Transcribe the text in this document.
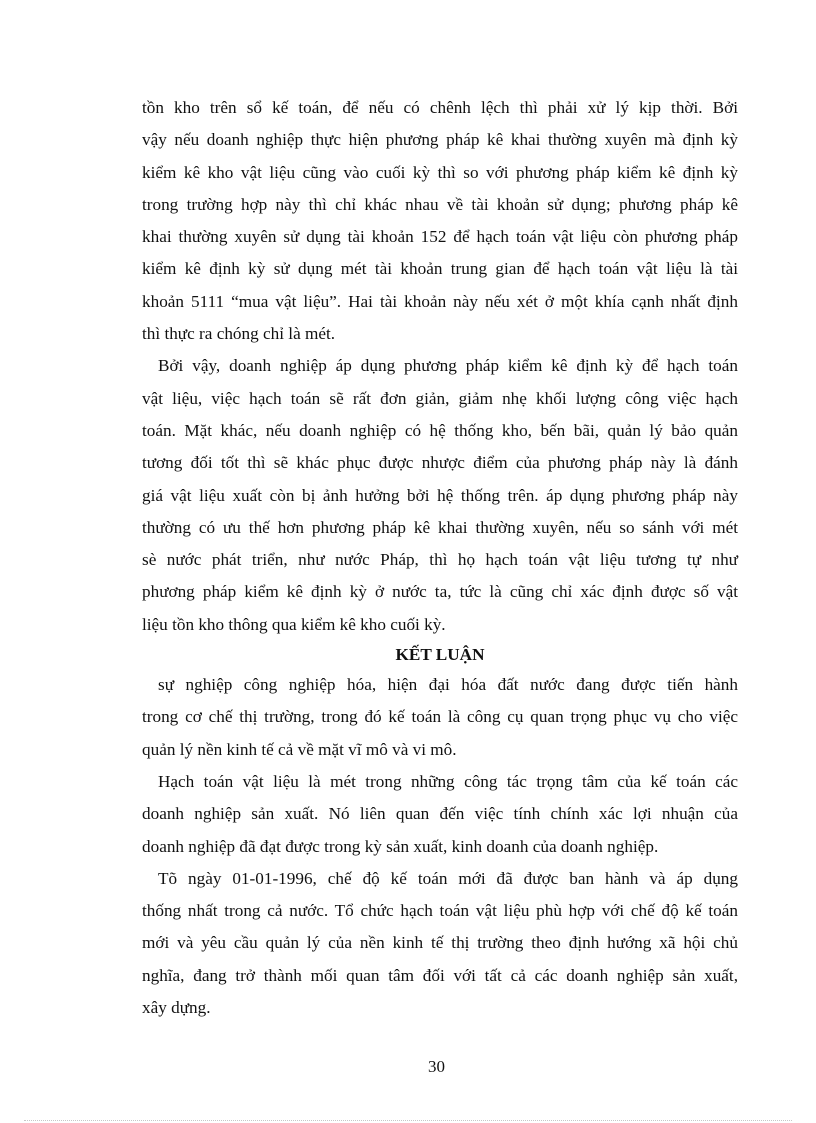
tồn kho trên sổ kế toán, để nếu có chênh lệch thì phải xử lý kịp thời. Bởi
vậy nếu doanh nghiệp thực hiện phương pháp kê khai thường xuyên mà định kỳ
kiểm kê kho vật liệu cũng vào cuối kỳ thì so với phương pháp kiểm kê định kỳ
trong trường hợp này thì chỉ khác nhau về tài khoản sử dụng; phương pháp kê
khai thường xuyên sử dụng tài khoản 152 để hạch toán vật liệu còn phương pháp
kiểm kê định kỳ sử dụng mét tài khoản trung gian để hạch toán vật liệu là tài
khoản 5111 “mua vật liệu”. Hai tài khoản này nếu xét ở một khía cạnh nhất định
thì thực ra chóng chỉ là mét.
Bởi vậy, doanh nghiệp áp dụng phương pháp kiểm kê định kỳ để hạch toán
vật liệu, việc hạch toán sẽ rất đơn giản, giảm nhẹ khối lượng công việc hạch
toán. Mặt khác, nếu doanh nghiệp có hệ thống kho, bến bãi, quản lý bảo quản
tương đối tốt thì sẽ khác phục được nhược điểm của phương pháp này là đánh
giá vật liệu xuất còn bị ảnh hưởng bởi hệ thống trên. áp dụng phương pháp này
thường có ưu thế hơn phương pháp kê khai thường xuyên, nếu so sánh với mét
sè nước phát triển, như nước Pháp, thì họ hạch toán vật liệu tương tự như
phương pháp kiểm kê định kỳ ở nước ta, tức là cũng chỉ xác định được số vật
liệu tồn kho thông qua kiểm kê kho cuối kỳ.
KẾT LUẬN
sự nghiệp công nghiệp hóa, hiện đại hóa đất nước đang được tiến hành
trong cơ chế thị trường, trong đó kế toán là công cụ quan trọng phục vụ cho việc
quản lý nền kinh tế cả về mặt vĩ mô và vi mô.
Hạch toán vật liệu là mét trong những công tác trọng tâm của kế toán các
doanh nghiệp sản xuất. Nó liên quan đến việc tính chính xác lợi nhuận của
doanh nghiệp đã đạt được trong kỳ sản xuất, kinh doanh của doanh nghiệp.
Tõ ngày 01-01-1996, chế độ kế toán mới đã được ban hành và áp dụng
thống nhất trong cả nước. Tổ chức hạch toán vật liệu phù hợp với chế độ kế toán
mới và yêu cầu quản lý của nền kinh tế thị trường theo định hướng xã hội chủ
nghĩa, đang trở thành mối quan tâm đối với tất cả các doanh nghiệp sản xuất,
xây dựng.
30
